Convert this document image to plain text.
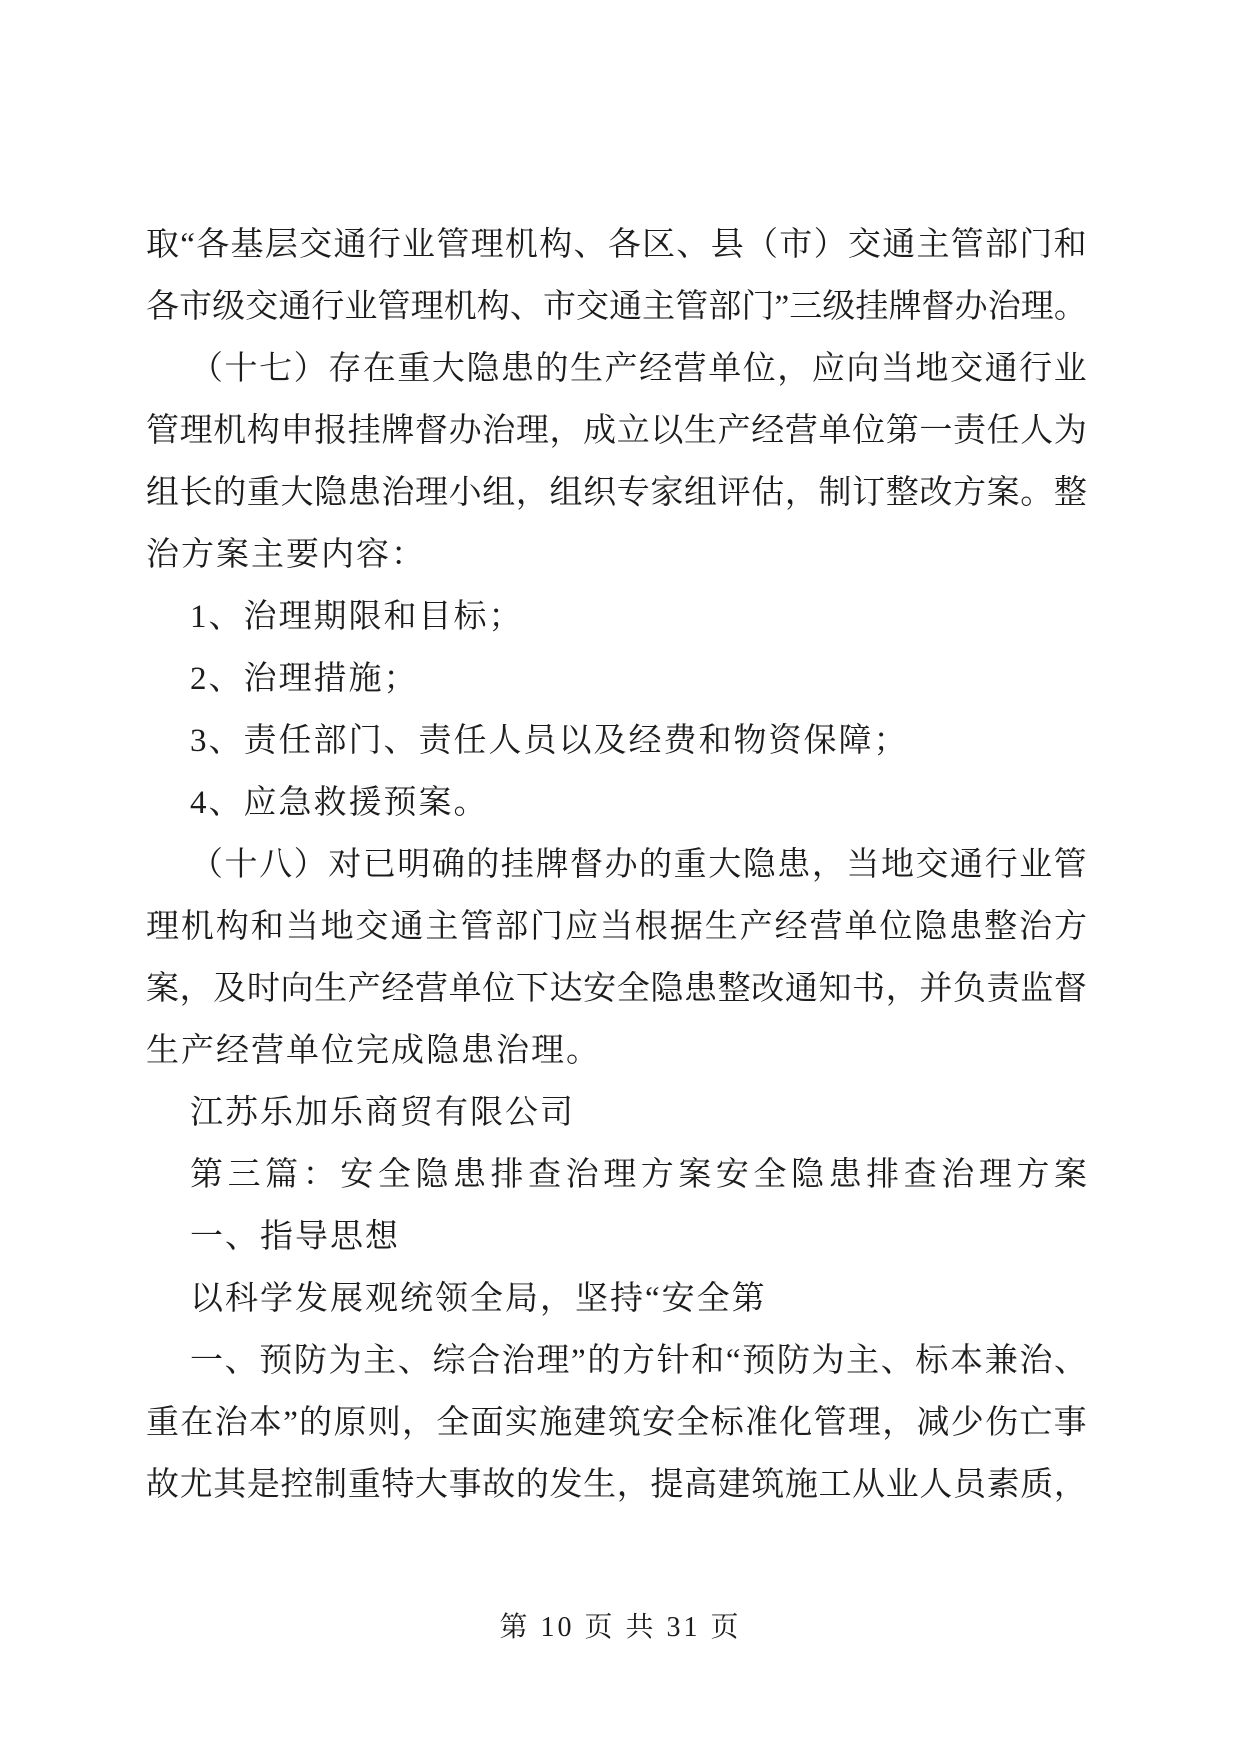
取 “ 各 基 层 交 通 行 业 管 理 机 构 、 各 区 、 县 （ 市 ） 交 通 主 管 部 门 和
各 市 级 交 通 行 业 管 理 机 构 、 市 交 通 主 管 部 门 ” 三 级 挂 牌 督 办 治 理 。
（ 十 七 ） 存 在 重 大 隐 患 的 生 产 经 营 单 位 ， 应 向 当 地 交 通 行 业
管 理 机 构 申 报 挂 牌 督 办 治 理 ， 成 立 以 生 产 经 营 单 位 第 一 责 任 人 为
组 长 的 重 大 隐 患 治 理 小 组 ， 组 织 专 家 组 评 估 ， 制 订 整 改 方 案 。 整
治方案主要内容：
1、治理期限和目标；
2、治理措施；
3、责任部门、责任人员以及经费和物资保障；
4、应急救援预案。
（ 十 八 ） 对 已 明 确 的 挂 牌 督 办 的 重 大 隐 患 ， 当 地 交 通 行 业 管
理 机 构 和 当 地 交 通 主 管 部 门 应 当 根 据 生 产 经 营 单 位 隐 患 整 治 方
案 ， 及 时 向 生 产 经 营 单 位 下 达 安 全 隐 患 整 改 通 知 书 ， 并 负 责 监 督
生产经营单位完成隐患治理。
江苏乐加乐商贸有限公司
第 三 篇 ： 安 全 隐 患 排 查 治 理 方 案 安 全 隐 患 排 查 治 理 方 案
一、指导思想
以科学发展观统领全局，坚持“安全第
一 、 预 防 为 主 、 综 合 治 理 ” 的 方 针 和 “ 预 防 为 主 、 标 本 兼 治 、
重 在 治 本 ” 的 原 则 ， 全 面 实 施 建 筑 安 全 标 准 化 管 理 ， 减 少 伤 亡 事
故 尤 其 是 控 制 重 特 大 事 故 的 发 生 ， 提 高 建 筑 施 工 从 业 人 员 素 质 ，
第 10 页 共 31 页
